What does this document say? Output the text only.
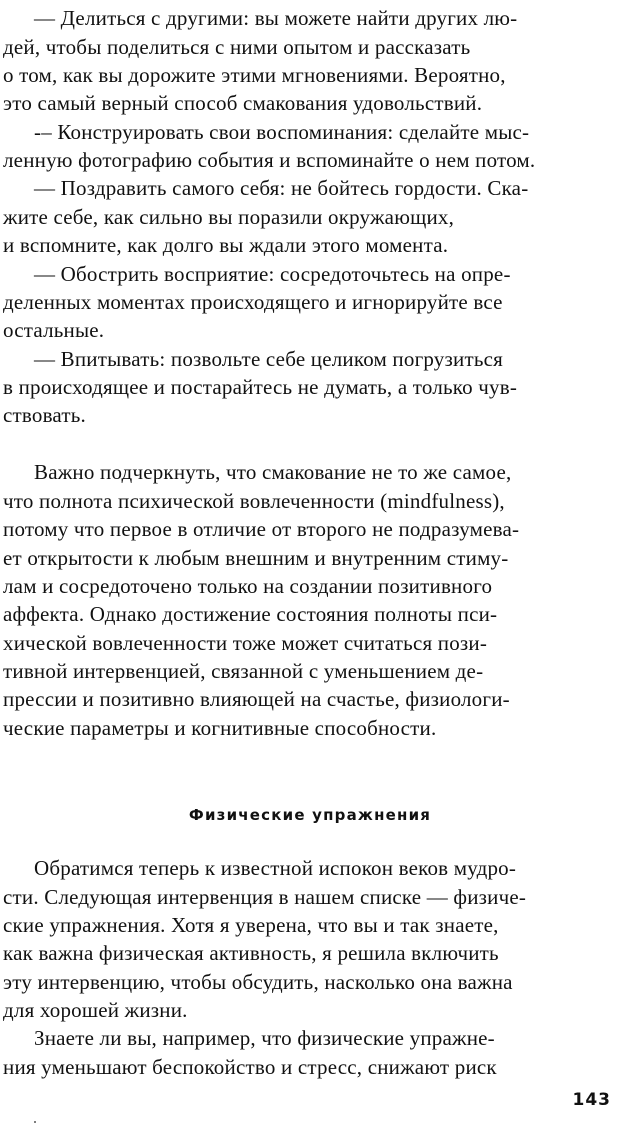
— Делиться с другими: вы можете найти других лю-

дей, чтобы поделиться с ними опытом и рассказать

о том, как вы дорожите этими мгновениями. Вероятно,

это самый верный способ смакования удовольствий.

-– Конструировать свои воспоминания: сделайте мыс-

ленную фотографию события и вспоминайте о нем потом.

— Поздравить самого себя: не бойтесь гордости. Ска-

жите себе, как сильно вы поразили окружающих,

и вспомните, как долго вы ждали этого момента.

— Обострить восприятие: сосредоточьтесь на опре-

деленных моментах происходящего и игнорируйте все

остальные.

— Впитывать: позвольте себе целиком погрузиться

в происходящее и постарайтесь не думать, а только чув-

ствовать.

Важно подчеркнуть, что смакование не то же самое,

что полнота психической вовлеченности (mindfulness),

потому что первое в отличие от второго не подразумева-

ет открытости к любым внешним и внутренним стиму-

лам и сосредоточено только на создании позитивного

аффекта. Однако достижение состояния полноты пси-

хической вовлеченности тоже может считаться пози-

тивной интервенцией, связанной с уменьшением де-

прессии и позитивно влияющей на счастье, физиологи-

ческие параметры и когнитивные способности.

Физические упражнения

Обратимся теперь к известной испокон веков мудро-

сти. Следующая интервенция в нашем списке — физиче-

ские упражнения. Хотя я уверена, что вы и так знаете,

как важна физическая активность, я решила включить

эту интервенцию, чтобы обсудить, насколько она важна

для хорошей жизни.

Знаете ли вы, например, что физические упражне-

ния уменьшают беспокойство и стресс, снижают риск

143
